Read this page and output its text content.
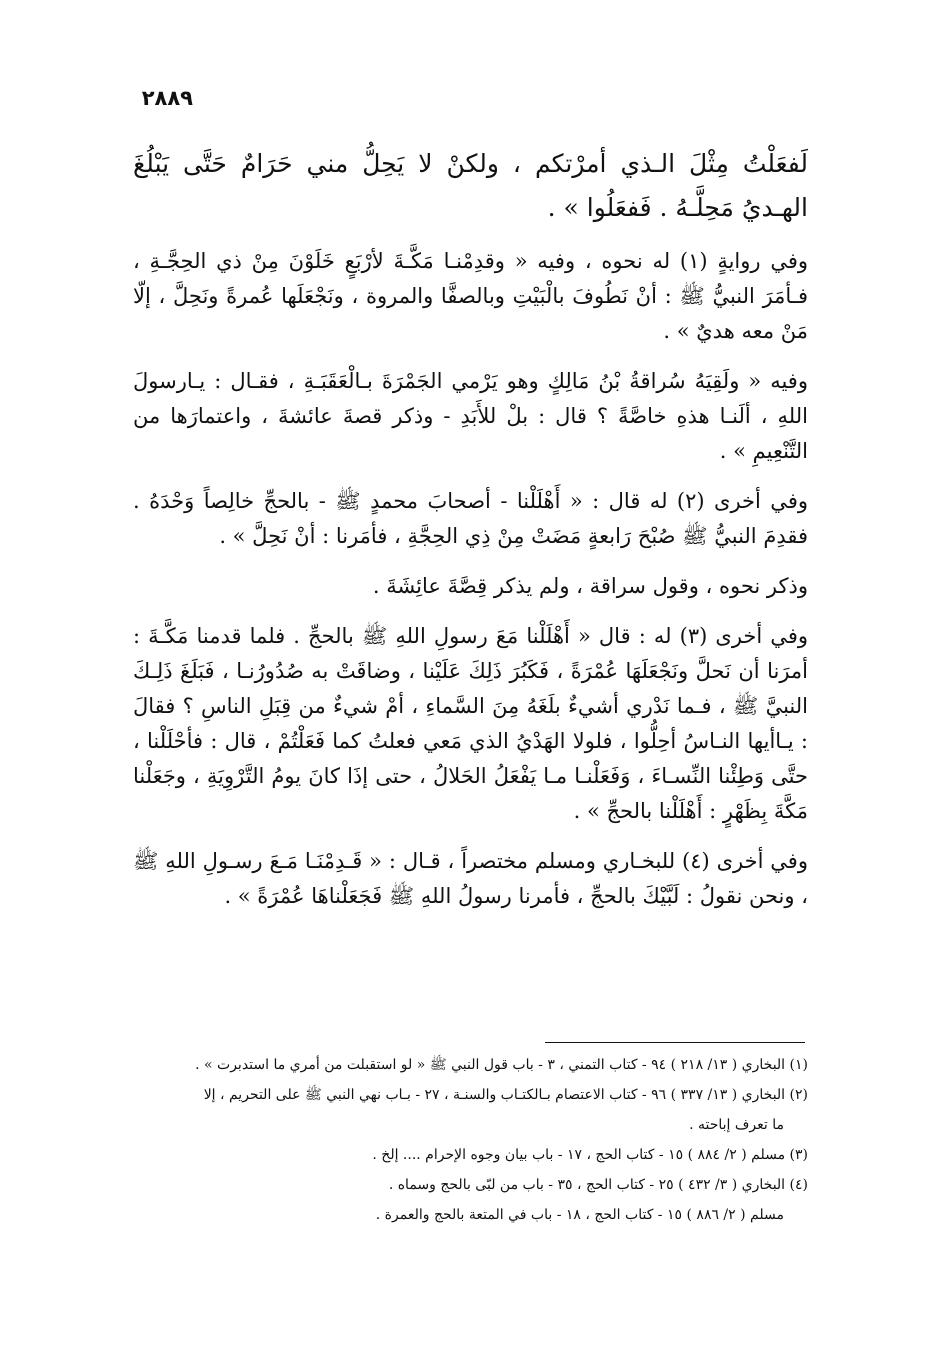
٢٨٨٩

لَفعَلْتُ مِثْلَ الـذي أمرْتكم ، ولكنْ لا يَحِلُّ مني حَرَامٌ حَتَّى يَبْلُغَ الهـديُ مَحِلَّـهُ . فَفعَلُوا » .

وفي روايةٍ (١) له نحوه ، وفيه « وقدِمْنـا مَكَّـةَ لأرْبَعٍ خَلَوْنَ مِنْ ذي الحِجَّـةِ ، فـأمَرَ النبيُّ ﷺ : أنْ نَطُوفَ بالْبَيْتِ وبالصفَّا والمروة ، ونَجْعَلَها عُمرةً ونَحِلَّ ، إلّا مَنْ معه هديٌ » .

وفيه « ولَقِيَهُ سُراقةُ بْنُ مَالِكٍ وهو يَرْمي الجَمْرَةَ بـالْعَقَبَـةِ ، فقـال : يـارسولَ اللهِ ، ألَنـا هذهِ خاصَّةً ؟ قال : بلْ للأَبَدِ - وذكر قصةَ عائشةَ ، واعتمارَها من التَّنْعِيمِ » .

وفي أخرى (٢) له قال : « أَهْلَلْنا - أصحابَ محمدٍ ﷺ - بالحجِّ خالِصاً وَحْدَهُ . فقدِمَ النبيُّ ﷺ صُبْحَ رَابعةٍ مَضَتْ مِنْ ذِي الحِجَّةِ ، فأمَرنا : أنْ نَحِلَّ » .

وذكر نحوه ، وقول سراقة ، ولم يذكر قِصَّةَ عائِشَةَ .

وفي أخرى (٣) له : قال « أَهْلَلْنا مَعَ رسولِ اللهِ ﷺ بالحجِّ . فلما قدمنا مَكَّـةَ : أمرَنا أن نَحلَّ ونَجْعَلَهَا عُمْرَةً ، فَكَبُرَ ذَلِكَ عَلَيْنا ، وضاقَتْ به صُدُورُنـا ، فَبَلَغَ ذَلِـكَ النبيَّ ﷺ ، فـما نَدْري أشيءٌ بلَغَهُ مِنَ السَّماءِ ، أمْ شيءٌ من قِبَلِ الناسِ ؟ فقالَ : يـاأيها النـاسُ أحِلُّوا ، فلولا الهَدْيُ الذي مَعي فعلتُ كما فَعَلْتُمْ ، قال : فأحْلَلْنا ، حتَّى وَطِئْنا النِّسـاءَ ، وَفَعَلْنـا مـا يَفْعَلُ الحَلالُ ، حتى إذَا كانَ يومُ التَّرْوِيَةِ ، وجَعَلْنا مَكَّةَ بِظَهْرٍ : أَهْلَلْنا بالحجِّ » .

وفي أخرى (٤) للبخـاري ومسلم مختصراً ، قـال : « قَـدِمْنَـا مَـعَ رسـولِ اللهِ ﷺ ، ونحن نقولُ : لَبَّيْكَ بالحجِّ ، فأمرنا رسولُ اللهِ ﷺ فَجَعَلْناهَا عُمْرَةً » .

(١) البخاري ( ١٣/ ٢١٨ ) ٩٤ - كتاب التمني ، ٣ - باب قول النبي ﷺ « لو استقبلت من أمري ما استدبرت » .

(٢) البخاري ( ١٣/ ٣٣٧ ) ٩٦ - كتاب الاعتصام بـالكتـاب والسنـة ، ٢٧ - بـاب نهي النبي ﷺ على التحريم ، إلا

ما تعرف إباحته .

(٣) مسلم ( ٢/ ٨٨٤ ) ١٥ - كتاب الحج ، ١٧ - باب بيان وجوه الإحرام .... إلخ .

(٤) البخاري ( ٣/ ٤٣٢ ) ٢٥ - كتاب الحج ، ٣٥ - باب من لبّى بالحج وسماه .

مسلم ( ٢/ ٨٨٦ ) ١٥ - كتاب الحج ، ١٨ - باب في المتعة بالحج والعمرة .
